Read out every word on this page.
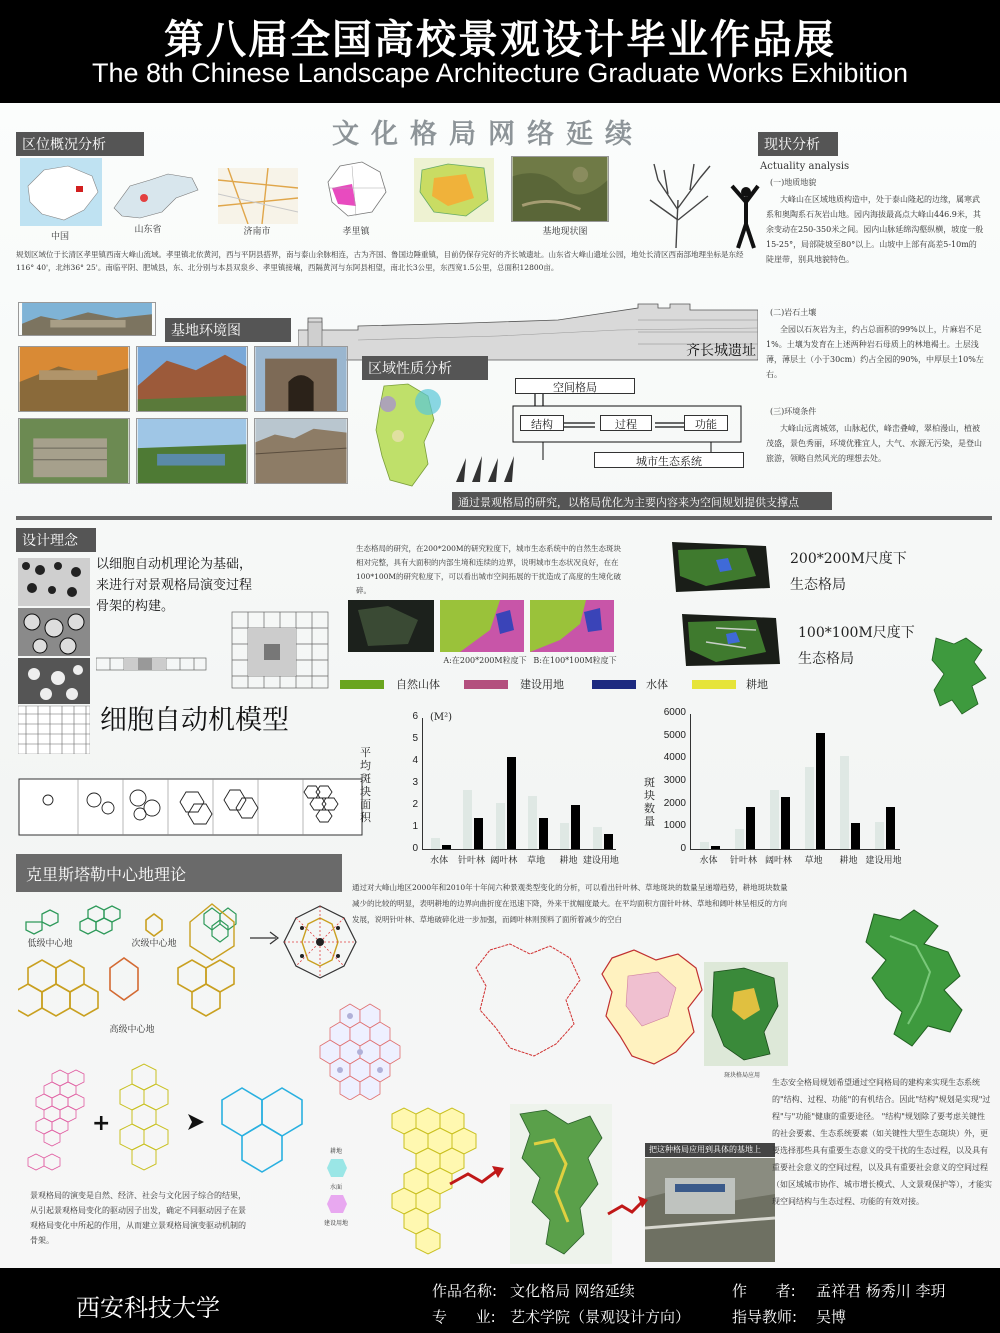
第八届全国高校景观设计毕业作品展
The 8th Chinese Landscape Architecture Graduate Works Exhibition
文化格局网络延续
区位概况分析
中国
山东省	济南市	孝里镇	基地现状图
规划区域位于长清区孝里镇西南大峰山流域。孝里镇北依黄河，西与平阴县搭界，南与泰山余脉相连，古为齐国、鲁国边陲重镇，目前仍保存完好的齐长城遗址。山东省大峰山遗址公园，地处长清区西南部地理坐标是东经116° 40'，北纬36° 25'。南临平阴、肥城县，东、北分别与本县双泉乡、孝里镇接壤，西隔黄河与东阿县相望，南北长3公里，东西宽1.5公里，总面积12800亩。
基地环境图
齐长城遗址
区域性质分析
空间格局
结构	过程	功能
城市生态系统
通过景观格局的研究，以格局优化为主要内容来为空间规划提供支撑点
现状分析
Actuality analysis
(一)地质地貌
大峰山在区域地质构造中，处于泰山隆起的边缘，属寒武系和奥陶系石灰岩山地。园内海拔最高点大峰山446.9米，其余变动在250-350米之间。园内山脉延绵沟壑纵横，坡度一般15-25°，局部陡坡至80°以上。山坡中上部有高差5-10m的陡崖带，别具地貌特色。
(二)岩石土壤
全园以石灰岩为主，约占总面积的99%以上，片麻岩不足1%。土壤为发育在上述两种岩石母质上的林地褐土。土层浅薄，薄层土（小于30cm）约占全园的90%，中厚层土10%左右。
(三)环境条件
大峰山远离城郊，山脉起伏，峰峦叠嶂，翠柏漫山，植被茂盛，景色秀丽，环境优雅宜人，大气、水源无污染，是登山旅游，领略自然风光的理想去处。
设计理念
以细胞自动机理论为基础，来进行对景观格局演变过程骨架的构建。
细胞自动机模型
生态格局的研究，在200*200M的研究粒度下，城市生态系统中的自然生态斑块相对完整，具有大面积的内部生境和连续的边界，说明城市生态状况良好，在在100*100M的研究粒度下，可以看出城市空间拓展的干扰造成了高度的生境化破碎。
A:在200*200M粒度下 B:在100*100M粒度下
200*200M尺度下
生态格局
100*100M尺度下
生态格局
自然山体	建设用地	水体	耕地
平均斑块面积
(M²)
0
1
2
3
4
5
6
水体	针叶林 阔叶林	草地	耕地 建设用地
斑块数量
0
1000
2000
3000
4000
5000
6000
水体	针叶林 阔叶林	草地	耕地 建设用地
通过对大峰山地区2000年和2010年十年间六种景观类型变化的分析，可以看出针叶林、草地斑块的数量呈递增趋势，耕地斑块数量减少的比较的明显，表明耕地的边界向曲折度在迅速下降，外来干扰幅度最大。在平均面积方面针叶林、草地和阔叶林呈相反的方向发展，说明针叶林、草地破碎化进一步加强，而阔叶林则预料了面所着减少的空白
克里斯塔勒中心地理论
低级中心地	次级中心地
高级中心地
+
耕地
水面
建设用地
景观格局的演变是自然、经济、社会与文化因子综合的结果，从引起景观格局变化的驱动因子出发，确定不同驱动因子在景观格局变化中所起的作用，从而建立景观格局演变驱动机制的骨架。
斑块格局应用
把这种格局应用到具体的基地上
生态安全格局规划希望通过空间格局的建构来实现生态系统的"结构、过程、功能"的有机结合。因此"结构"规划是实现"过程"与"功能"健康的重要途径。 "结构"规划除了要考虑关键性的社会要素、生态系统要素（如关键性大型生态斑块）外，更要选择那些具有重要生态意义的受干扰的生态过程，以及具有重要社会意义的空间过程，以及具有重要社会意义的空间过程（如区域城市协作、城市增长模式、人文景观保护等），才能实现空间结构与生态过程、功能的有效对接。
西安科技大学
作品名称: 文化格局 网络延续	作      者: 孟祥君 杨秀川 李玥
专      业: 艺术学院（景观设计方向）	指导教师: 吴博
